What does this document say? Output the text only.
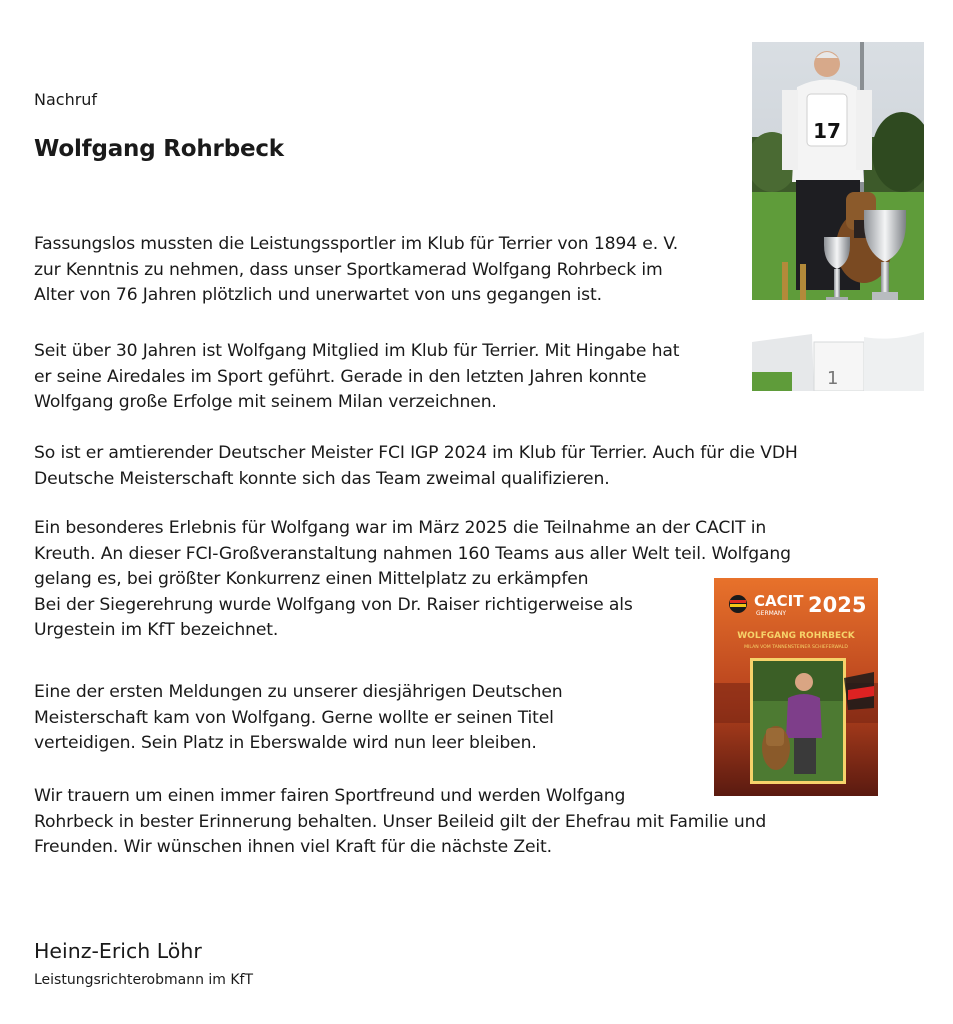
Nachruf
Wolfgang Rohrbeck

Fassungslos mussten die Leistungssportler im Klub für Terrier von 1894 e. V.
zur Kenntnis zu nehmen, dass unser Sportkamerad Wolfgang Rohrbeck im
Alter von 76 Jahren plötzlich und unerwartet von uns gegangen ist.

Seit über 30 Jahren ist Wolfgang Mitglied im Klub für Terrier. Mit Hingabe hat
er seine Airedales im Sport geführt. Gerade in den letzten Jahren konnte
Wolfgang große Erfolge mit seinem Milan verzeichnen.

So ist er amtierender Deutscher Meister FCI IGP 2024 im Klub für Terrier. Auch für die VDH
Deutsche Meisterschaft konnte sich das Team zweimal qualifizieren.

Ein besonderes Erlebnis für Wolfgang war im März 2025 die Teilnahme an der CACIT in
Kreuth. An dieser FCI-Großveranstaltung nahmen 160 Teams aus aller Welt teil. Wolfgang
gelang es, bei größter Konkurrenz einen Mittelplatz zu erkämpfen
Bei der Siegerehrung wurde Wolfgang von Dr. Raiser richtigerweise als
Urgestein im KfT bezeichnet.

Eine der ersten Meldungen zu unserer diesjährigen Deutschen
Meisterschaft kam von Wolfgang. Gerne wollte er seinen Titel
verteidigen. Sein Platz in Eberswalde wird nun leer bleiben.

Wir trauern um einen immer fairen Sportfreund und werden Wolfgang
Rohrbeck in bester Erinnerung behalten. Unser Beileid gilt der Ehefrau mit Familie und
Freunden. Wir wünschen ihnen viel Kraft für die nächste Zeit.

17
1
CACIT
GERMANY 2025
WOLFGANG ROHRBECK
MILAN VOM TANNENSTEINER SCHIEFERWALD
Heinz-Erich Löhr
Leistungsrichterobmann im KfT
